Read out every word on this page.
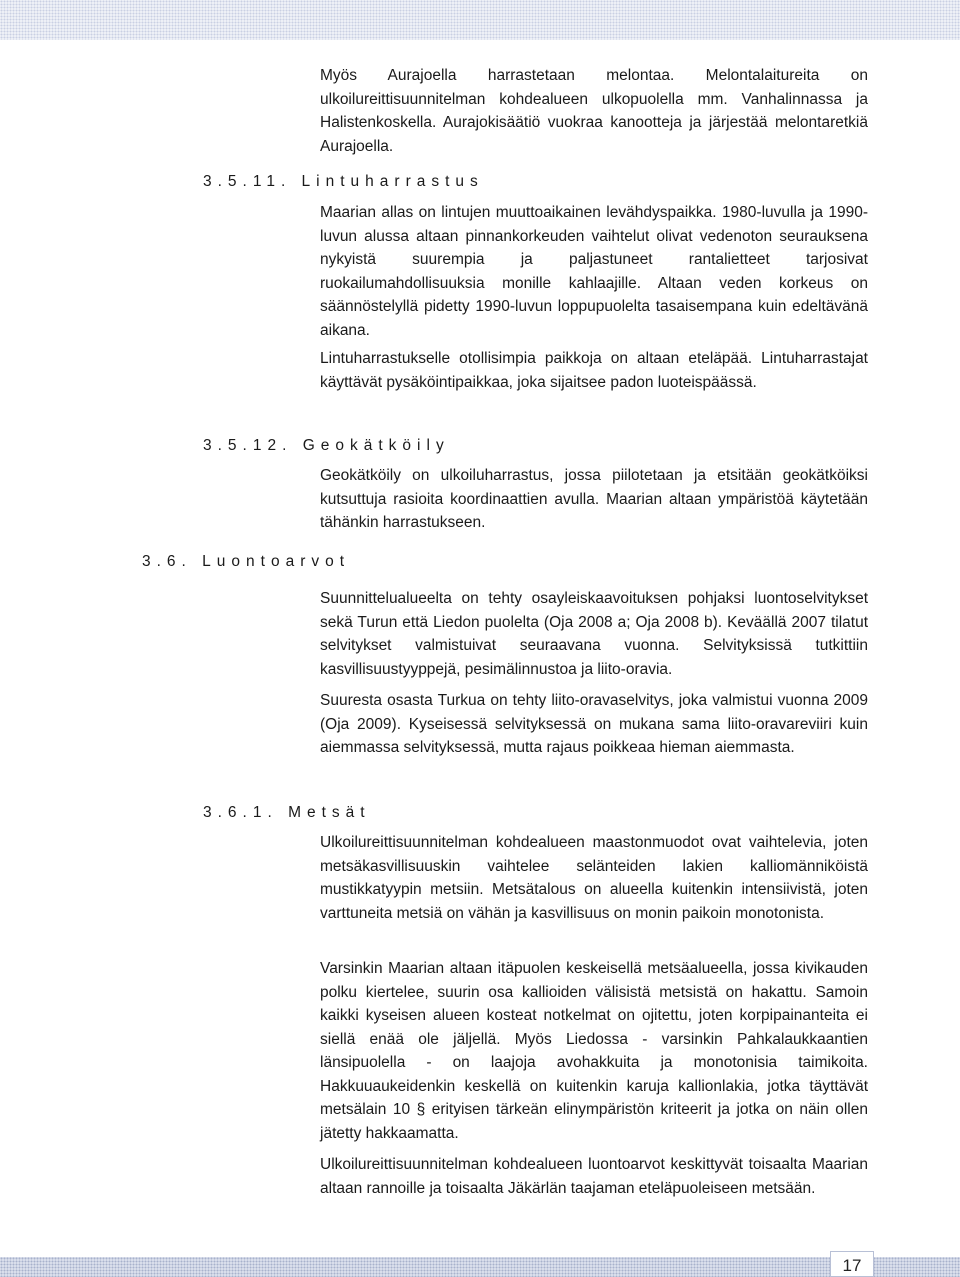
Myös Aurajoella harrastetaan melontaa. Melontalaitureita on ulkoilureittisuunnitelman kohdealueen ulkopuolella mm. Vanhalinnassa ja Halistenkoskella. Aurajokisäätiö vuokraa kanootteja ja järjestää melontaretkiä Aurajoella.

3.5.11. Lintuharrastus

Maarian allas on lintujen muuttoaikainen levähdyspaikka. 1980-luvulla ja 1990-luvun alussa altaan pinnankorkeuden vaihtelut olivat vedenoton seurauksena nykyistä suurempia ja paljastuneet rantalietteet tarjosivat ruokailumahdollisuuksia monille kahlaajille. Altaan veden korkeus on säännöstelyllä pidetty 1990-luvun loppupuolelta tasaisempana kuin edeltävänä aikana.

Lintuharrastukselle otollisimpia paikkoja on altaan eteläpää. Lintuharrastajat käyttävät pysäköintipaikkaa, joka sijaitsee padon luoteispäässä.

3.5.12. Geokätköily

Geokätköily on ulkoiluharrastus, jossa piilotetaan ja etsitään geokätköiksi kutsuttuja rasioita koordinaattien avulla. Maarian altaan ympäristöä käytetään tähänkin harrastukseen.

3.6. Luontoarvot

Suunnittelualueelta on tehty osayleiskaavoituksen pohjaksi luontoselvitykset sekä Turun että Liedon puolelta (Oja 2008 a; Oja 2008 b). Keväällä 2007 tilatut selvitykset valmistuivat seuraavana vuonna. Selvityksissä tutkittiin kasvillisuustyyppejä, pesimälinnustoa ja liito-oravia.

Suuresta osasta Turkua on tehty liito-oravaselvitys, joka valmistui vuonna 2009 (Oja 2009). Kyseisessä selvityksessä on mukana sama liito-oravareviiri kuin aiemmassa selvityksessä, mutta rajaus poikkeaa hieman aiemmasta.

3.6.1. Metsät

Ulkoilureittisuunnitelman kohdealueen maastonmuodot ovat vaihtelevia, joten metsäkasvillisuuskin vaihtelee selänteiden lakien kalliomänniköistä mustikkatyypin metsiin. Metsätalous on alueella kuitenkin intensiivistä, joten varttuneita metsiä on vähän ja kasvillisuus on monin paikoin monotonista.

Varsinkin Maarian altaan itäpuolen keskeisellä metsäalueella, jossa kivikauden polku kiertelee, suurin osa kallioiden välisistä metsistä on hakattu. Samoin kaikki kyseisen alueen kosteat notkelmat on ojitettu, joten korpipainanteita ei siellä enää ole jäljellä. Myös Liedossa - varsinkin Pahkalaukkaantien länsipuolella - on laajoja avohakkuita ja monotonisia taimikoita. Hakkuuaukeidenkin keskellä on kuitenkin karuja kallionlakia, jotka täyttävät metsälain 10 § erityisen tärkeän elinympäristön kriteerit ja jotka on näin ollen jätetty hakkaamatta.

Ulkoilureittisuunnitelman kohdealueen luontoarvot keskittyvät toisaalta Maarian altaan rannoille ja toisaalta Jäkärlän taajaman eteläpuoleiseen metsään.

17
